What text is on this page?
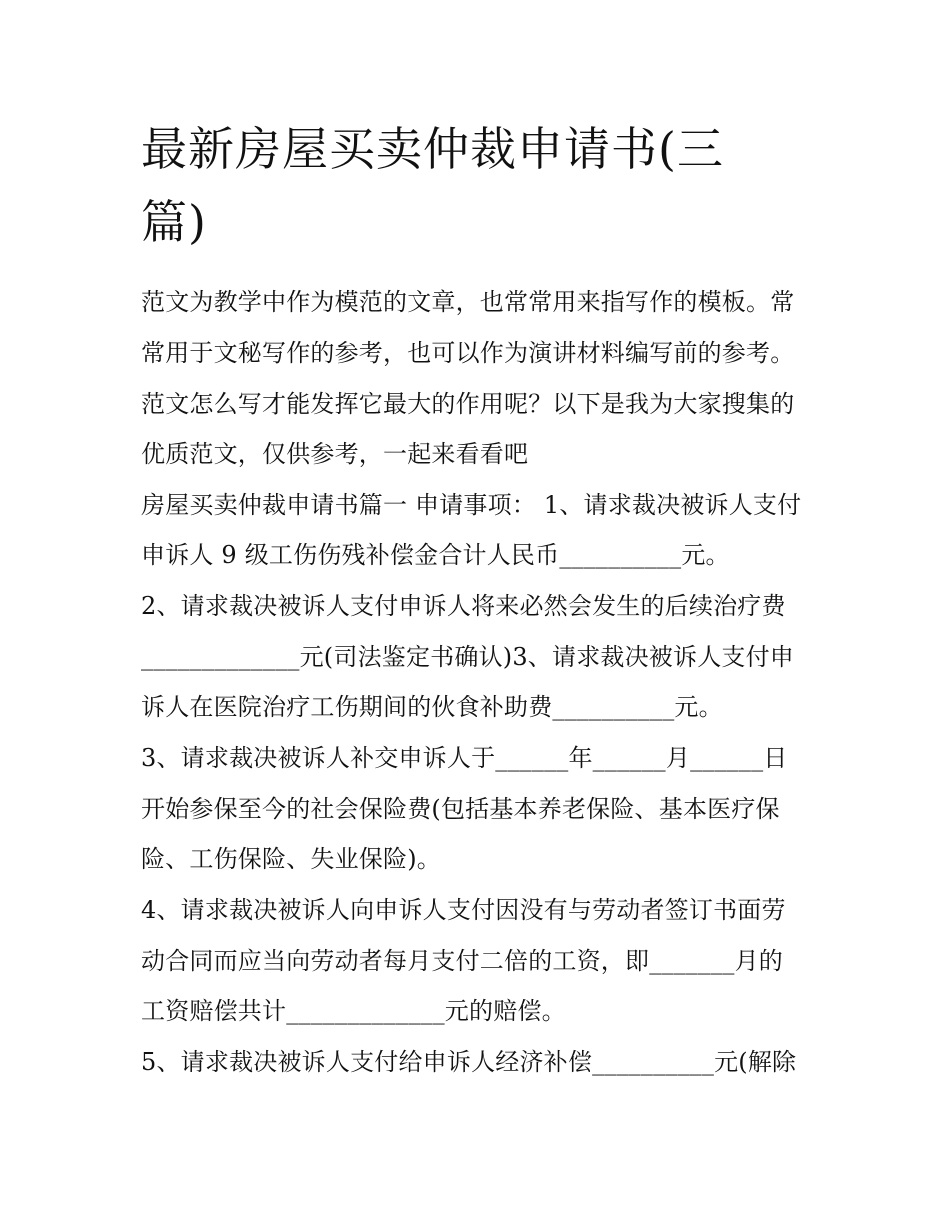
最新房屋买卖仲裁申请书(三
篇)

范文为教学中作为模范的文章，也常常用来指写作的模板。常

常用于文秘写作的参考，也可以作为演讲材料编写前的参考。

范文怎么写才能发挥它最大的作用呢？以下是我为大家搜集的

优质范文，仅供参考，一起来看看吧

房屋买卖仲裁申请书篇一 申请事项： 1、请求裁决被诉人支付

申诉人 9 级工伤伤残补偿金合计人民币__________元。

2、请求裁决被诉人支付申诉人将来必然会发生的后续治疗费

_____________元(司法鉴定书确认)3、请求裁决被诉人支付申

诉人在医院治疗工伤期间的伙食补助费__________元。

3、请求裁决被诉人补交申诉人于______年______月______日

开始参保至今的社会保险费(包括基本养老保险、基本医疗保

险、工伤保险、失业保险)。

4、请求裁决被诉人向申诉人支付因没有与劳动者签订书面劳

动合同而应当向劳动者每月支付二倍的工资，即_______月的

工资赔偿共计_____________元的赔偿。

5、请求裁决被诉人支付给申诉人经济补偿__________元(解除
